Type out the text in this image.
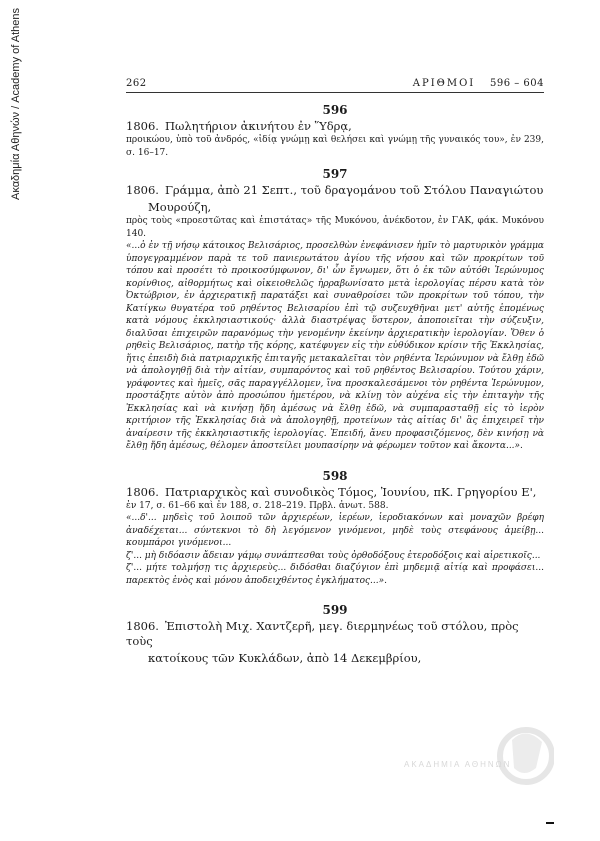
Ακαδημία Αθηνών / Academy of Athens	262	ΑΡΙΘΜΟΙ 596 – 604
596
1806. Πωλητήριον ἀκινήτου ἐν Ὕδρᾳ,
προικώου, ὑπὸ τοῦ ἀνδρός, «ἰδίᾳ γνώμῃ καὶ θελήσει καὶ γνώμῃ τῆς γυναικός του», ἐν 239, σ. 16–17.
597
1806. Γράμμα, ἀπὸ 21 Σεπτ., τοῦ δραγομάνου τοῦ Στόλου Παναγιώτου
Μουρούζη,
πρὸς τοὺς «προεστῶτας καὶ ἐπιστάτας» τῆς Μυκόνου, ἀνέκδοτον, ἐν ΓΑΚ, φάκ. Μυκόνου 140.
«...ὁ ἐν τῇ νήσῳ κάτοικος Βελισάριος, προσελθὼν ἐνεφάνισεν ἡμῖν τὸ μαρτυρικὸν γράμμα ὑπογεγραμμένον παρὰ τε τοῦ πανιερωτάτου ἁγίου τῆς νήσου καὶ τῶν προκρίτων τοῦ τόπου καὶ προσέτι τὸ προικοσύμφωνον, δι' ὧν ἔγνωμεν, ὅτι ὁ ἐκ τῶν αὐτόθι Ἱερώνυμος κορίνθιος, αἰθορμήτως καὶ οἰκειοθελῶς ἠρραβωνίσατο μετὰ ἱερολογίας πέρσυ κατὰ τὸν Ὀκτώβριον, ἐν ἀρχιερατικῇ παρατάξει καὶ συναθροίσει τῶν προκρίτων τοῦ τόπου, τὴν Κατίγκω θυγατέρα τοῦ ρηθέντος Βελισαρίου ἐπὶ τῷ συζευχθῆναι μετ' αὐτῆς ἑπομένως κατὰ νόμους ἐκκλησιαστικούς· ἀλλὰ διαστρέψας ὕστερον, ἀποποιεῖται τὴν σύζευξιν, διαλῦσαι ἐπιχειρῶν παρανόμως τὴν γενομένην ἐκείνην ἀρχιερατικὴν ἱερολογίαν. Ὅθεν ὁ ρηθεὶς Βελισάριος, πατὴρ τῆς κόρης, κατέφυγεν εἰς τὴν εὐθύδικον κρίσιν τῆς Ἐκκλησίας, ἥτις ἐπειδὴ διὰ πατριαρχικῆς ἐπιταγῆς μετακαλεῖται τὸν ρηθέντα Ἱερώνυμον νὰ ἔλθῃ ἐδῶ νὰ ἀπολογηθῇ διὰ τὴν αἰτίαν, συμπαρόντος καὶ τοῦ ρηθέντος Βελισαρίου. Τούτου χάριν, γράφοντες καὶ ἡμεῖς, σᾶς παραγγέλλομεν, ἵνα προσκαλεσάμενοι τὸν ρηθέντα Ἱερώνυμον, προστάξητε αὐτὸν ἀπὸ προσώπου ἡμετέρου, νὰ κλίνῃ τὸν αὐχένα εἰς τὴν ἐπιταγὴν τῆς Ἐκκλησίας καὶ νὰ κινήσῃ ἤδη ἀμέσως νὰ ἔλθῃ ἐδῶ, νὰ συμπαρασταθῇ εἰς τὸ ἱερὸν κριτήριον τῆς Ἐκκλησίας διὰ νὰ ἀπολογηθῇ, προτείνων τὰς αἰτίας δι' ἃς ἐπιχειρεῖ τὴν ἀναίρεσιν τῆς ἐκκλησιαστικῆς ἱερολογίας. Ἐπειδή, ἄνευ προφασιζόμενος, δὲν κινήσῃ νὰ ἔλθῃ ἤδη ἀμέσως, θέλομεν ἀποστείλει μουπασίρην νὰ φέρωμεν τοῦτον καὶ ἄκοντα...».
598
1806. Πατριαρχικὸς καὶ συνοδικὸς Τόμος, Ἰουνίου, πΚ. Γρηγορίου Ε',
ἐν 17, σ. 61–66 καὶ ἐν 188, σ. 218–219. Πρβλ. ἀνωτ. 588.
«...δ'... μηδεὶς τοῦ λοιποῦ τῶν ἀρχιερέων, ἱερέων, ἱεροδιακόνων καὶ μοναχῶν βρέφη ἀναδέχεται... σύντεκνοι τὸ δὴ λεγόμενον γινόμενοι, μηδὲ τοὺς στεφάνους ἀμείβῃ... κουμπάροι γινόμενοι...
ζ'... μὴ διδόασιν ἄδειαν γάμῳ συνάπτεσθαι τοὺς ὀρθοδόξους ἑτεροδόξοις καὶ αἱρετικοῖς...
ζ'... μήτε τολμήσῃ τις ἀρχιερεὺς... διδόσθαι διαζύγιον ἐπὶ μηδεμιᾷ αἰτίᾳ καὶ προφάσει... παρεκτὸς ἑνὸς καὶ μόνου ἀποδειχθέντος ἐγκλήματος...».
599
1806. Ἐπιστολὴ Μιχ. Χαντζερῆ, μεγ. διερμηνέως τοῦ στόλου, πρὸς τοὺς
κατοίκους τῶν Κυκλάδων, ἀπὸ 14 Δεκεμβρίου,
ΑΚΑΔΗΜΙΑ ΑΘΗΝΩΝ
